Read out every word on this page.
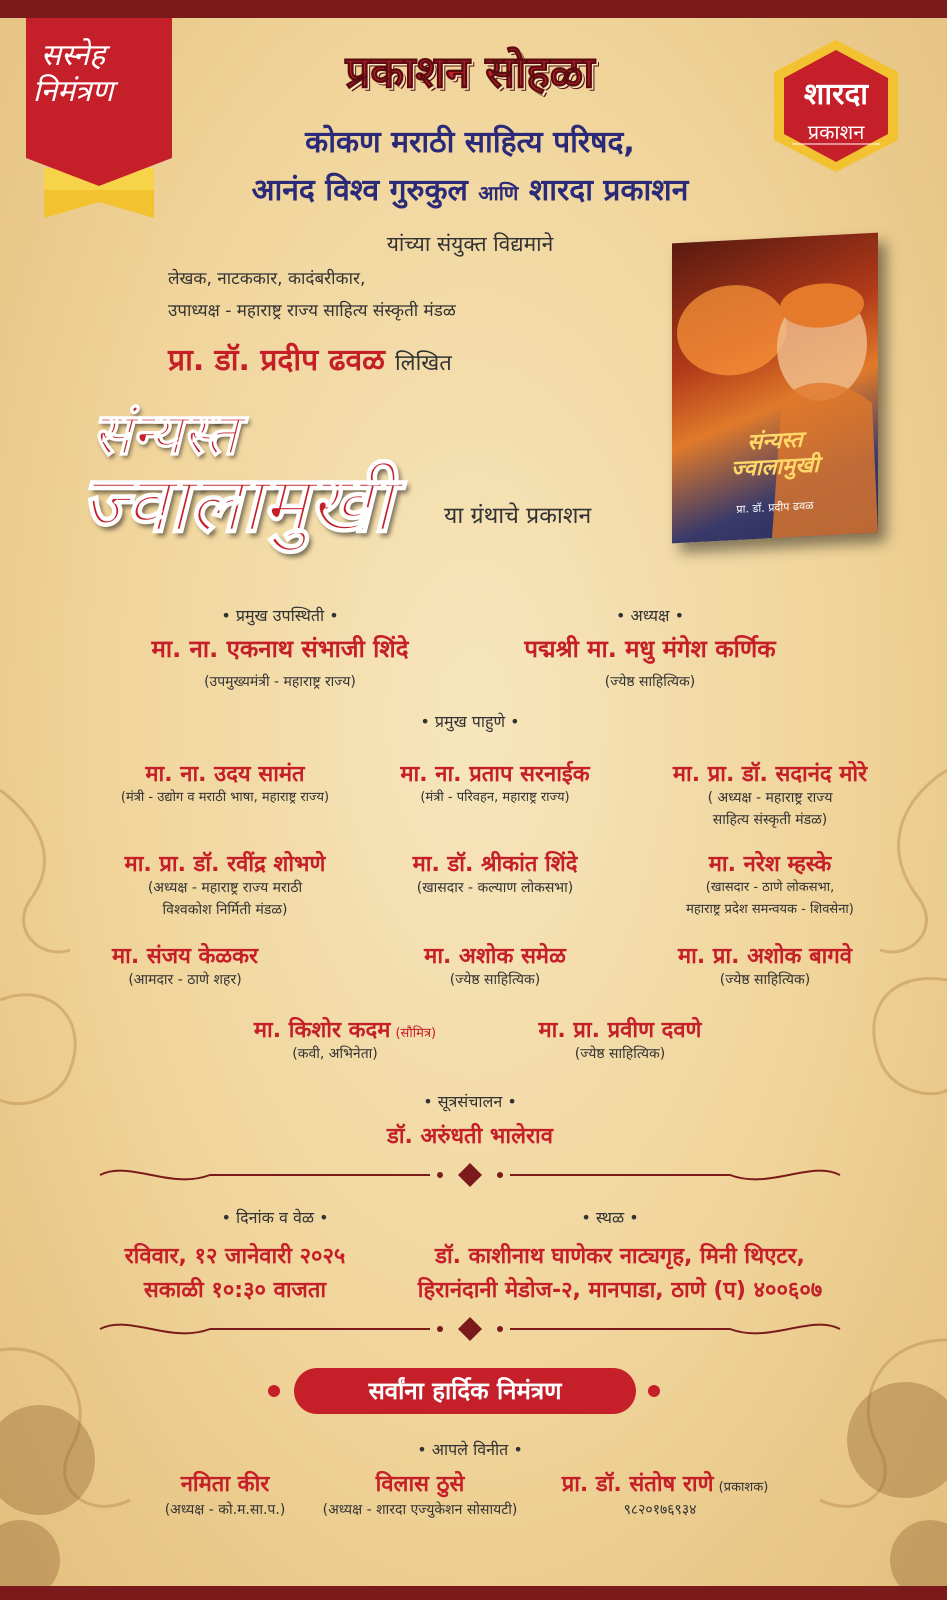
सस्नेह
निमंत्रण	शारदा
प्रकाशन
प्रकाशन सोहळा
कोकण मराठी साहित्य परिषद,
आनंद विश्व गुरुकुल आणि शारदा प्रकाशन
यांच्या संयुक्त विद्यमाने
लेखक, नाटककार, कादंबरीकार,
उपाध्यक्ष - महाराष्ट्र राज्य साहित्य संस्कृती मंडळ
प्रा. डॉ. प्रदीप ढवळ लिखित
संन्यस्त
ज्वालामुखी या ग्रंथाचे प्रकाशन
संन्यस्त
ज्वालामुखी
प्रा. डॉ. प्रदीप ढवळ
• प्रमुख उपस्थिती •
मा. ना. एकनाथ संभाजी शिंदे
(उपमुख्यमंत्री - महाराष्ट्र राज्य)
• अध्यक्ष •
पद्मश्री मा. मधु मंगेश कर्णिक
(ज्येष्ठ साहित्यिक)
• प्रमुख पाहुणे •
मा. ना. उदय सामंत
(मंत्री - उद्योग व मराठी भाषा, महाराष्ट्र राज्य)
मा. ना. प्रताप सरनाईक
(मंत्री - परिवहन, महाराष्ट्र राज्य)
मा. प्रा. डॉ. सदानंद मोरे
( अध्यक्ष - महाराष्ट्र राज्य
साहित्य संस्कृती मंडळ)
मा. प्रा. डॉ. रवींद्र शोभणे
(अध्यक्ष - महाराष्ट्र राज्य मराठी
विश्वकोश निर्मिती मंडळ)
मा. डॉ. श्रीकांत शिंदे
(खासदार - कल्याण लोकसभा)
मा. नरेश म्हस्के
(खासदार - ठाणे लोकसभा,
महाराष्ट्र प्रदेश समन्वयक - शिवसेना)
मा. संजय केळकर
(आमदार - ठाणे शहर)
मा. अशोक समेळ
(ज्येष्ठ साहित्यिक)
मा. प्रा. अशोक बागवे
(ज्येष्ठ साहित्यिक)
मा. किशोर कदम (सौमित्र)
(कवी, अभिनेता)
मा. प्रा. प्रवीण दवणे
(ज्येष्ठ साहित्यिक)
• सूत्रसंचालन •
डॉ. अरुंधती भालेराव
• दिनांक व वेळ •
रविवार, १२ जानेवारी २०२५
सकाळी १०:३० वाजता
• स्थळ •
डॉ. काशीनाथ घाणेकर नाट्यगृह, मिनी थिएटर,
हिरानंदानी मेडोज-२, मानपाडा, ठाणे (प) ४००६०७
सर्वांना हार्दिक निमंत्रण
• आपले विनीत •
नमिता कीर
(अध्यक्ष - को.म.सा.प.)
विलास ठुसे
(अध्यक्ष - शारदा एज्युकेशन सोसायटी)
प्रा. डॉ. संतोष राणे (प्रकाशक)
९८२०१७६९३४
